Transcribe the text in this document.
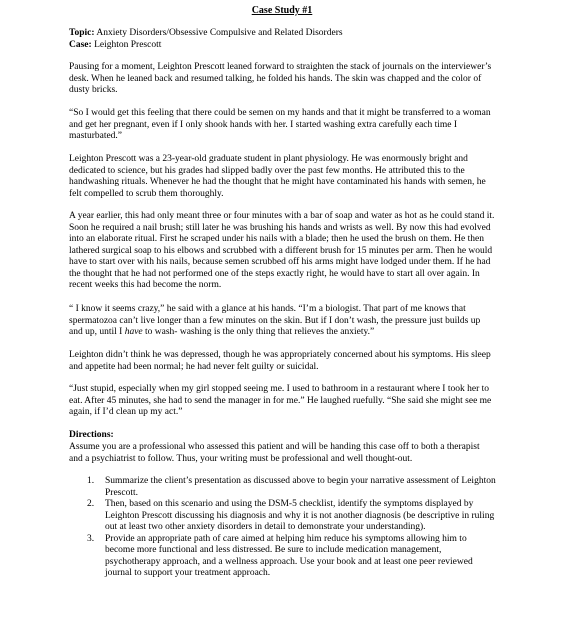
Case Study #1
Topic: Anxiety Disorders/Obsessive Compulsive and Related Disorders
Case: Leighton Prescott

Pausing for a moment, Leighton Prescott leaned forward to straighten the stack of journals on the interviewer’s desk. When he leaned back and resumed talking, he folded his hands. The skin was chapped and the color of dusty bricks.

“So I would get this feeling that there could be semen on my hands and that it might be transferred to a woman and get her pregnant, even if I only shook hands with her. I started washing extra carefully each time I masturbated.”

Leighton Prescott was a 23-year-old graduate student in plant physiology. He was enormously bright and dedicated to science, but his grades had slipped badly over the past few months. He attributed this to the handwashing rituals. Whenever he had the thought that he might have contaminated his hands with semen, he felt compelled to scrub them thoroughly.

A year earlier, this had only meant three or four minutes with a bar of soap and water as hot as he could stand it. Soon he required a nail brush; still later he was brushing his hands and wrists as well. By now this had evolved into an elaborate ritual. First he scraped under his nails with a blade; then he used the brush on them. He then lathered surgical soap to his elbows and scrubbed with a different brush for 15 minutes per arm. Then he would have to start over with his nails, because semen scrubbed off his arms might have lodged under them. If he had the thought that he had not performed one of the steps exactly right, he would have to start all over again. In recent weeks this had become the norm.

“ I know it seems crazy,” he said with a glance at his hands. “I’m a biologist. That part of me knows that spermatozoa can’t live longer than a few minutes on the skin. But if I don’t wash, the pressure just builds up and up, until I have to wash- washing is the only thing that relieves the anxiety.”

Leighton didn’t think he was depressed, though he was appropriately concerned about his symptoms. His sleep and appetite had been normal; he had never felt guilty or suicidal.

“Just stupid, especially when my girl stopped seeing me. I used to bathroom in a restaurant where I took her to eat. After 45 minutes, she had to send the manager in for me.” He laughed ruefully. “She said she might see me again, if I’d clean up my act.”

Directions:
Assume you are a professional who assessed this patient and will be handing this case off to both a therapist and a psychiatrist to follow. Thus, your writing must be professional and well thought-out.
1. Summarize the client’s presentation as discussed above to begin your narrative assessment of Leighton Prescott.
2. Then, based on this scenario and using the DSM-5 checklist, identify the symptoms displayed by Leighton Prescott discussing his diagnosis and why it is not another diagnosis (be descriptive in ruling out at least two other anxiety disorders in detail to demonstrate your understanding).
3. Provide an appropriate path of care aimed at helping him reduce his symptoms allowing him to become more functional and less distressed. Be sure to include medication management, psychotherapy approach, and a wellness approach. Use your book and at least one peer reviewed journal to support your treatment approach.
